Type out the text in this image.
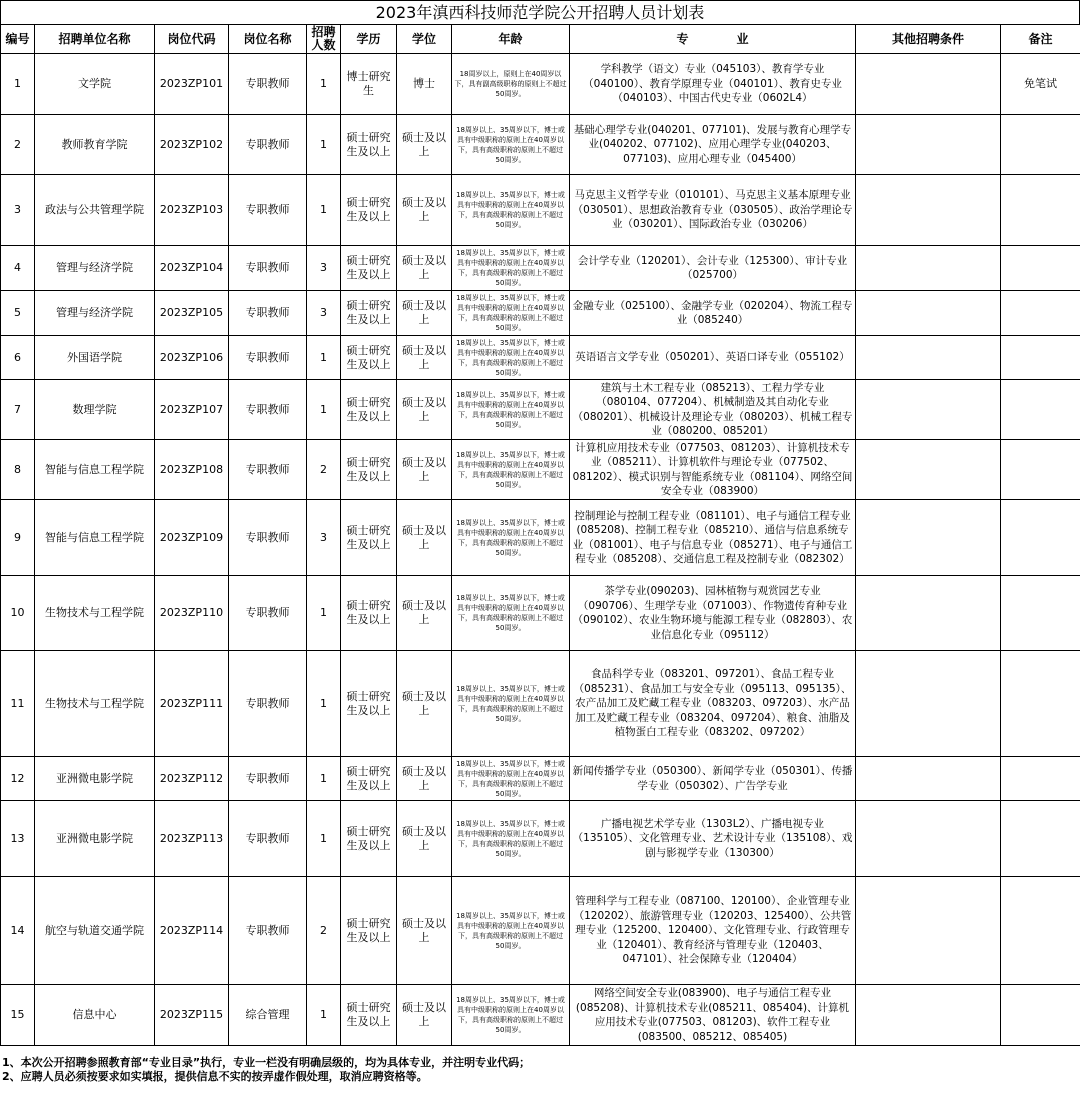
2023年滇西科技师范学院公开招聘人员计划表
编号	招聘单位名称	岗位代码	岗位名称	招聘人数	学历	学位	年龄	专　　　　业	其他招聘条件	备注
1	文学院	2023ZP101	专职教师	1	博士研究生	博士	18周岁以上，原则上在40周岁以下，具有副高级职称的原则上不超过50周岁。	学科教学（语文）专业（045103）、教育学专业（040100）、教育学原理专业（040101）、教育史专业（040103）、中国古代史专业（0602L4）		免笔试
2	教师教育学院	2023ZP102	专职教师	1	硕士研究生及以上	硕士及以上	18周岁以上、35周岁以下，博士或具有中级职称的原则上在40周岁以下，具有高级职称的原则上不超过50周岁。	基础心理学专业(040201、077101)、发展与教育心理学专业(040202、077102)、应用心理学专业(040203、077103)、应用心理专业（045400）		
3	政法与公共管理学院	2023ZP103	专职教师	1	硕士研究生及以上	硕士及以上	18周岁以上、35周岁以下，博士或具有中级职称的原则上在40周岁以下，具有高级职称的原则上不超过50周岁。	马克思主义哲学专业（010101）、马克思主义基本原理专业（030501）、思想政治教育专业（030505）、政治学理论专业（030201）、国际政治专业（030206）		
4	管理与经济学院	2023ZP104	专职教师	3	硕士研究生及以上	硕士及以上	18周岁以上、35周岁以下，博士或具有中级职称的原则上在40周岁以下，具有高级职称的原则上不超过50周岁。	会计学专业（120201）、会计专业（125300）、审计专业（025700）		
5	管理与经济学院	2023ZP105	专职教师	3	硕士研究生及以上	硕士及以上	18周岁以上、35周岁以下，博士或具有中级职称的原则上在40周岁以下，具有高级职称的原则上不超过50周岁。	金融专业（025100）、金融学专业（020204）、物流工程专业（085240）		
6	外国语学院	2023ZP106	专职教师	1	硕士研究生及以上	硕士及以上	18周岁以上、35周岁以下，博士或具有中级职称的原则上在40周岁以下，具有高级职称的原则上不超过50周岁。	英语语言文学专业（050201）、英语口译专业（055102）		
7	数理学院	2023ZP107	专职教师	1	硕士研究生及以上	硕士及以上	18周岁以上、35周岁以下，博士或具有中级职称的原则上在40周岁以下，具有高级职称的原则上不超过50周岁。	建筑与土木工程专业（085213）、工程力学专业（080104、077204）、机械制造及其自动化专业（080201）、机械设计及理论专业（080203）、机械工程专业（080200、085201）		
8	智能与信息工程学院	2023ZP108	专职教师	2	硕士研究生及以上	硕士及以上	18周岁以上、35周岁以下，博士或具有中级职称的原则上在40周岁以下，具有高级职称的原则上不超过50周岁。	计算机应用技术专业（077503、081203）、计算机技术专业（085211）、计算机软件与理论专业（077502、081202）、模式识别与智能系统专业（081104）、网络空间安全专业（083900）		
9	智能与信息工程学院	2023ZP109	专职教师	3	硕士研究生及以上	硕士及以上	18周岁以上、35周岁以下，博士或具有中级职称的原则上在40周岁以下，具有高级职称的原则上不超过50周岁。	控制理论与控制工程专业（081101）、电子与通信工程专业(085208)、控制工程专业（085210）、通信与信息系统专业（081001）、电子与信息专业（085271）、电子与通信工程专业（085208）、交通信息工程及控制专业（082302）		
10	生物技术与工程学院	2023ZP110	专职教师	1	硕士研究生及以上	硕士及以上	18周岁以上、35周岁以下，博士或具有中级职称的原则上在40周岁以下，具有高级职称的原则上不超过50周岁。	茶学专业(090203)、园林植物与观赏园艺专业（090706）、生理学专业（071003）、作物遗传育种专业（090102）、农业生物环境与能源工程专业（082803）、农业信息化专业（095112）		
11	生物技术与工程学院	2023ZP111	专职教师	1	硕士研究生及以上	硕士及以上	18周岁以上、35周岁以下，博士或具有中级职称的原则上在40周岁以下，具有高级职称的原则上不超过50周岁。	食品科学专业（083201、097201）、食品工程专业（085231）、食品加工与安全专业（095113、095135）、农产品加工及贮藏工程专业（083203、097203）、水产品加工及贮藏工程专业（083204、097204）、粮食、油脂及植物蛋白工程专业（083202、097202）		
12	亚洲微电影学院	2023ZP112	专职教师	1	硕士研究生及以上	硕士及以上	18周岁以上、35周岁以下，博士或具有中级职称的原则上在40周岁以下，具有高级职称的原则上不超过50周岁。	新闻传播学专业（050300）、新闻学专业（050301）、传播学专业（050302）、广告学专业		
13	亚洲微电影学院	2023ZP113	专职教师	1	硕士研究生及以上	硕士及以上	18周岁以上、35周岁以下，博士或具有中级职称的原则上在40周岁以下，具有高级职称的原则上不超过50周岁。	广播电视艺术学专业（1303L2）、广播电视专业（135105）、文化管理专业、艺术设计专业（135108）、戏剧与影视学专业（130300）		
14	航空与轨道交通学院	2023ZP114	专职教师	2	硕士研究生及以上	硕士及以上	18周岁以上、35周岁以下，博士或具有中级职称的原则上在40周岁以下，具有高级职称的原则上不超过50周岁。	管理科学与工程专业（087100、120100）、企业管理专业（120202）、旅游管理专业（120203、125400）、公共管理专业（125200、120400）、文化管理专业、行政管理专业（120401）、教育经济与管理专业（120403、047101）、社会保障专业（120404）		
15	信息中心	2023ZP115	综合管理	1	硕士研究生及以上	硕士及以上	18周岁以上、35周岁以下，博士或具有中级职称的原则上在40周岁以下，具有高级职称的原则上不超过50周岁。	网络空间安全专业(083900)、电子与通信工程专业(085208)、计算机技术专业(085211、085404)、计算机应用技术专业(077503、081203)、软件工程专业(083500、085212、085405)		
1、本次公开招聘参照教育部“专业目录”执行，专业一栏没有明确层级的，均为具体专业，并注明专业代码；
2、应聘人员必须按要求如实填报，提供信息不实的按弄虚作假处理，取消应聘资格等。
